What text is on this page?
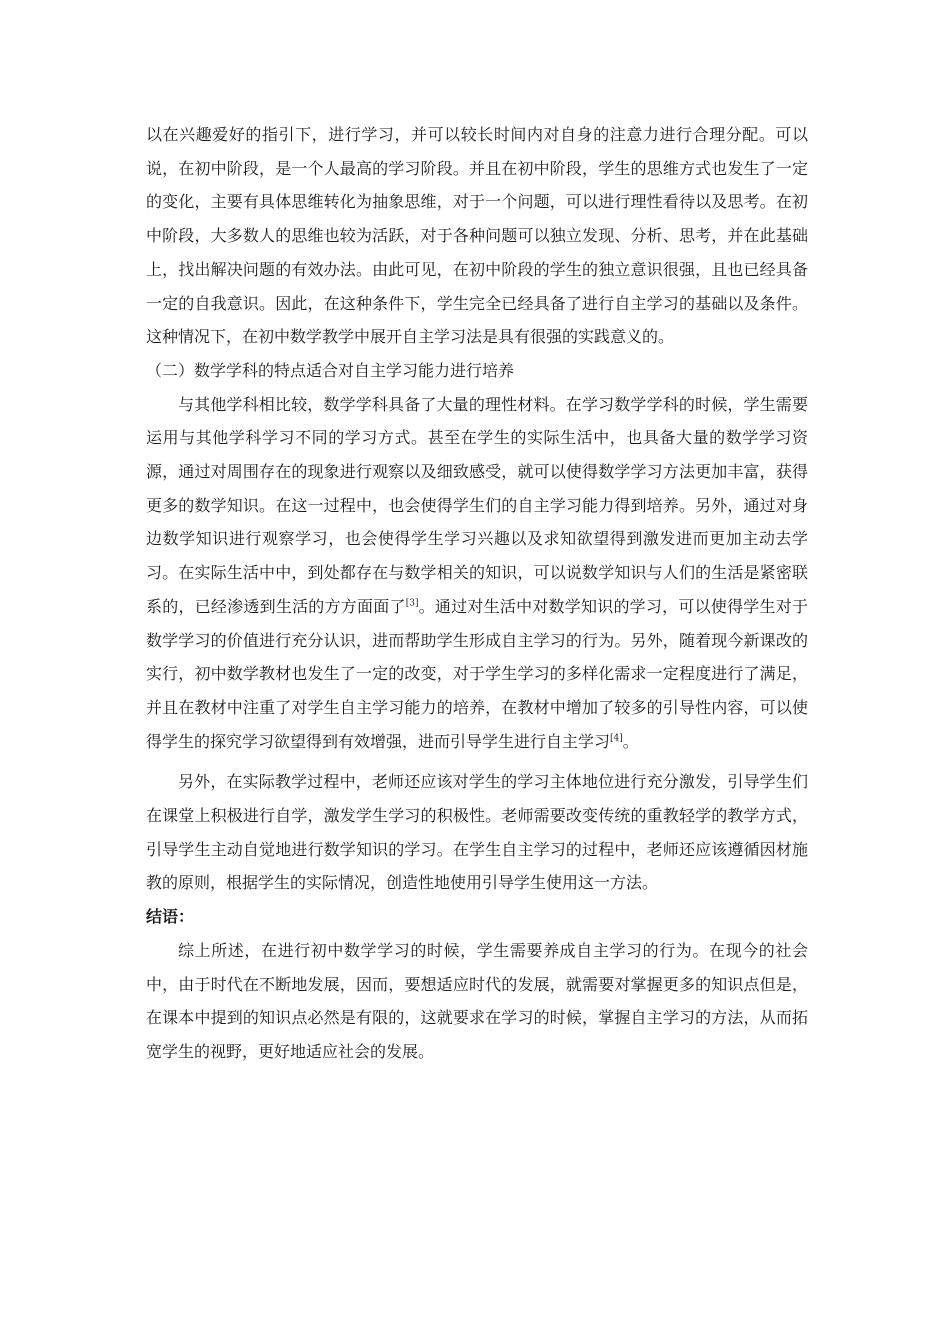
以在兴趣爱好的指引下，进行学习，并可以较长时间内对自身的注意力进行合理分配。可以说，在初中阶段，是一个人最高的学习阶段。并且在初中阶段，学生的思维方式也发生了一定的变化，主要有具体思维转化为抽象思维，对于一个问题，可以进行理性看待以及思考。在初中阶段，大多数人的思维也较为活跃，对于各种问题可以独立发现、分析、思考，并在此基础上，找出解决问题的有效办法。由此可见，在初中阶段的学生的独立意识很强，且也已经具备一定的自我意识。因此，在这种条件下，学生完全已经具备了进行自主学习的基础以及条件。这种情况下，在初中数学教学中展开自主学习法是具有很强的实践意义的。

（二）数学学科的特点适合对自主学习能力进行培养

与其他学科相比较，数学学科具备了大量的理性材料。在学习数学学科的时候，学生需要运用与其他学科学习不同的学习方式。甚至在学生的实际生活中，也具备大量的数学学习资源，通过对周围存在的现象进行观察以及细致感受，就可以使得数学学习方法更加丰富，获得更多的数学知识。在这一过程中，也会使得学生们的自主学习能力得到培养。另外，通过对身边数学知识进行观察学习，也会使得学生学习兴趣以及求知欲望得到激发进而更加主动去学习。在实际生活中中，到处都存在与数学相关的知识，可以说数学知识与人们的生活是紧密联系的，已经渗透到生活的方方面面了[3]。通过对生活中对数学知识的学习，可以使得学生对于数学学习的价值进行充分认识，进而帮助学生形成自主学习的行为。另外，随着现今新课改的实行，初中数学教材也发生了一定的改变，对于学生学习的多样化需求一定程度进行了满足，并且在教材中注重了对学生自主学习能力的培养，在教材中增加了较多的引导性内容，可以使得学生的探究学习欲望得到有效增强，进而引导学生进行自主学习[4]。

另外，在实际教学过程中，老师还应该对学生的学习主体地位进行充分激发，引导学生们在课堂上积极进行自学，激发学生学习的积极性。老师需要改变传统的重教轻学的教学方式，引导学生主动自觉地进行数学知识的学习。在学生自主学习的过程中，老师还应该遵循因材施教的原则，根据学生的实际情况，创造性地使用引导学生使用这一方法。

结语：

综上所述，在进行初中数学学习的时候，学生需要养成自主学习的行为。在现今的社会中，由于时代在不断地发展，因而，要想适应时代的发展，就需要对掌握更多的知识点但是，在课本中提到的知识点必然是有限的，这就要求在学习的时候，掌握自主学习的方法，从而拓宽学生的视野，更好地适应社会的发展。
